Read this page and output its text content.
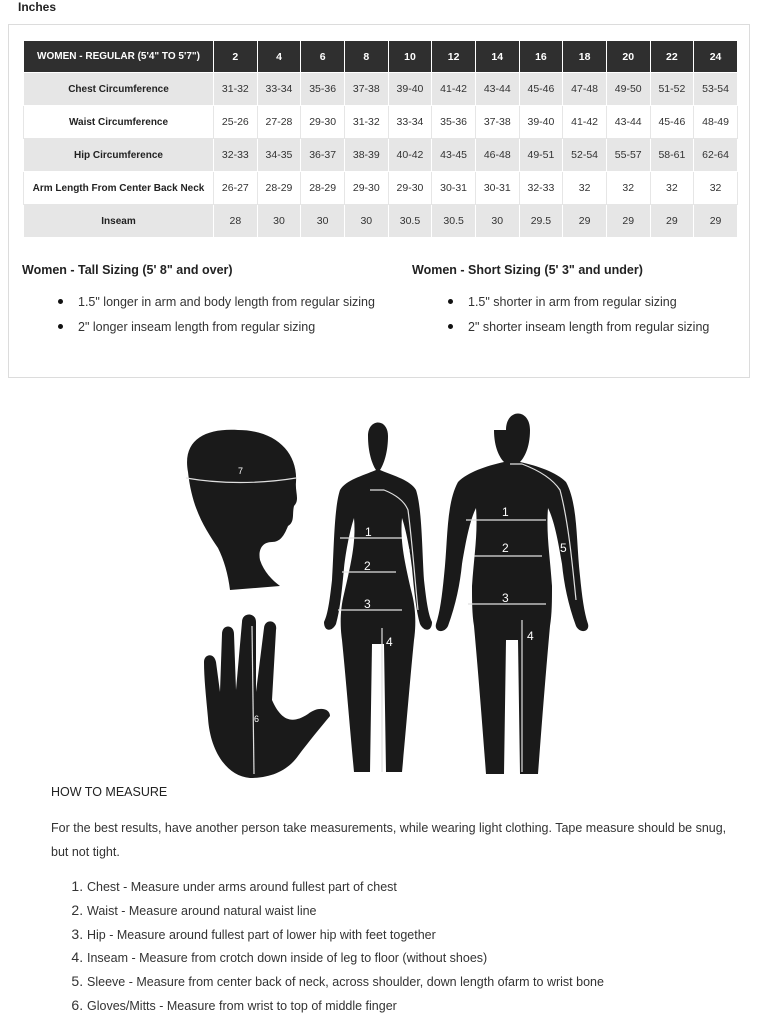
Inches
WOMEN - REGULAR (5'4" TO 5'7")	2	4	6	8	10	12	14	16	18	20	22	24
Chest Circumference	31-32	33-34	35-36	37-38	39-40	41-42	43-44	45-46	47-48	49-50	51-52	53-54
Waist Circumference	25-26	27-28	29-30	31-32	33-34	35-36	37-38	39-40	41-42	43-44	45-46	48-49
Hip Circumference	32-33	34-35	36-37	38-39	40-42	43-45	46-48	49-51	52-54	55-57	58-61	62-64
Arm Length From Center Back Neck	26-27	28-29	28-29	29-30	29-30	30-31	30-31	32-33	32	32	32	32
Inseam	28	30	30	30	30.5	30.5	30	29.5	29	29	29	29
Women - Tall Sizing (5' 8" and over)
1.5" longer in arm and body length from regular sizing
2" longer inseam length from regular sizing
Women - Short Sizing (5' 3" and under)
1.5" shorter in arm from regular sizing
2" shorter inseam length from regular sizing
7
6
1
2
3
4
5
1
2
3
4
5
HOW TO MEASURE
For the best results, have another person take measurements, while wearing light clothing. Tape measure should be snug, but not tight.
1. Chest - Measure under arms around fullest part of chest
2. Waist - Measure around natural waist line
3. Hip - Measure around fullest part of lower hip with feet together
4. Inseam - Measure from crotch down inside of leg to floor (without shoes)
5. Sleeve - Measure from center back of neck, across shoulder, down length ofarm to wrist bone
6. Gloves/Mitts - Measure from wrist to top of middle finger
